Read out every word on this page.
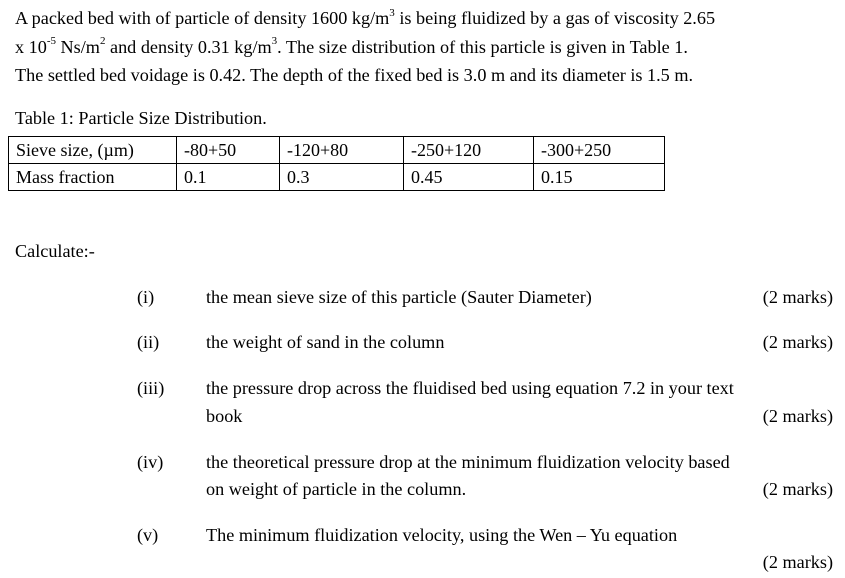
A packed bed with of particle of density 1600 $kg/m^3$ is being fluidized by a gas of viscosity 2.65
x $10^{-5}$ $Ns/m^2$ and density 0.31 $kg/m^3$. The size distribution of this particle is given in Table 1.
The settled bed voidage is 0.42. The depth of the fixed bed is 3.0 m and its diameter is 1.5 m.
Table 1: Particle Size Distribution.
Sieve size, (µm)	-80+50	-120+80	-250+120	-300+250
Mass fraction	0.1	0.3	0.45	0.15
Calculate:-
(i)	the mean sieve size of this particle (Sauter Diameter)	(2 marks)
(ii)	the weight of sand in the column	(2 marks)
(iii)	the pressure drop across the fluidised bed using equation 7.2 in your text
book	(2 marks)
(iv)	the theoretical pressure drop at the minimum fluidization velocity based
on weight of particle in the column.	(2 marks)
(v)	The minimum fluidization velocity, using the Wen – Yu equation
(2 marks)
